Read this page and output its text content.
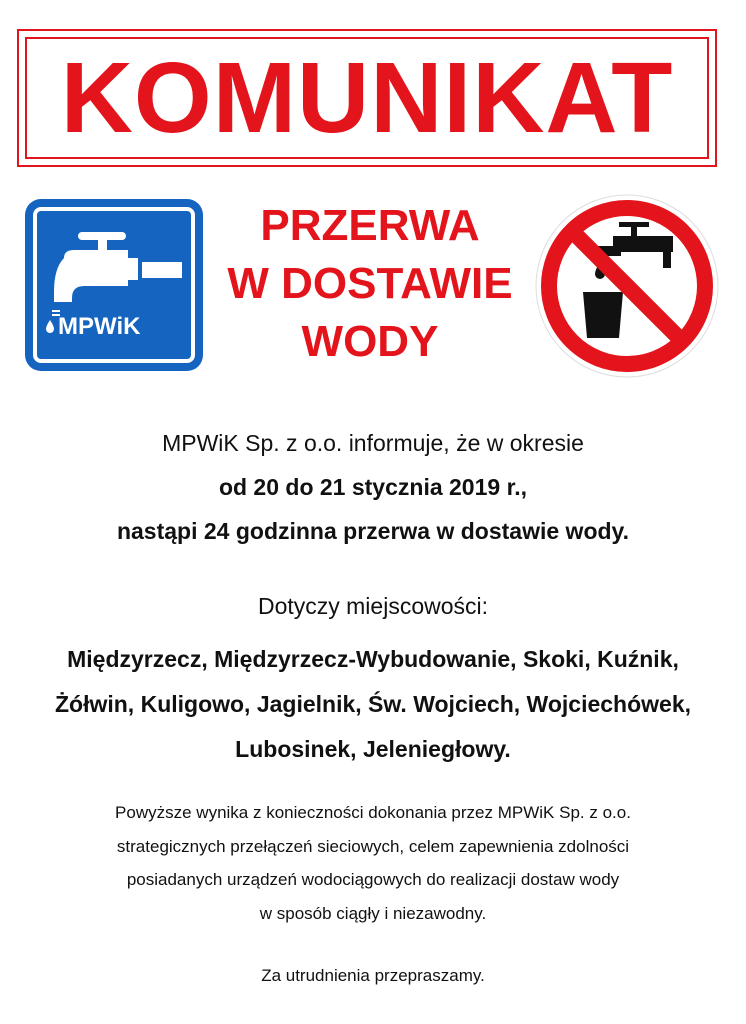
KOMUNIKAT
MPWiK
PRZERWA
W DOSTAWIE
WODY
MPWiK Sp. z o.o. informuje, że w okresie
od 20 do 21 stycznia 2019 r.,
nastąpi 24 godzinna przerwa w dostawie wody.
Dotyczy miejscowości:
Międzyrzecz, Międzyrzecz-Wybudowanie, Skoki, Kuźnik,
Żółwin, Kuligowo, Jagielnik, Św. Wojciech, Wojciechówek,
Lubosinek, Jeleniegłowy.
Powyższe wynika z konieczności dokonania przez MPWiK Sp. z o.o.
strategicznych przełączeń sieciowych, celem zapewnienia zdolności
posiadanych urządzeń wodociągowych do realizacji dostaw wody
w sposób ciągły i niezawodny.
Za utrudnienia przepraszamy.
